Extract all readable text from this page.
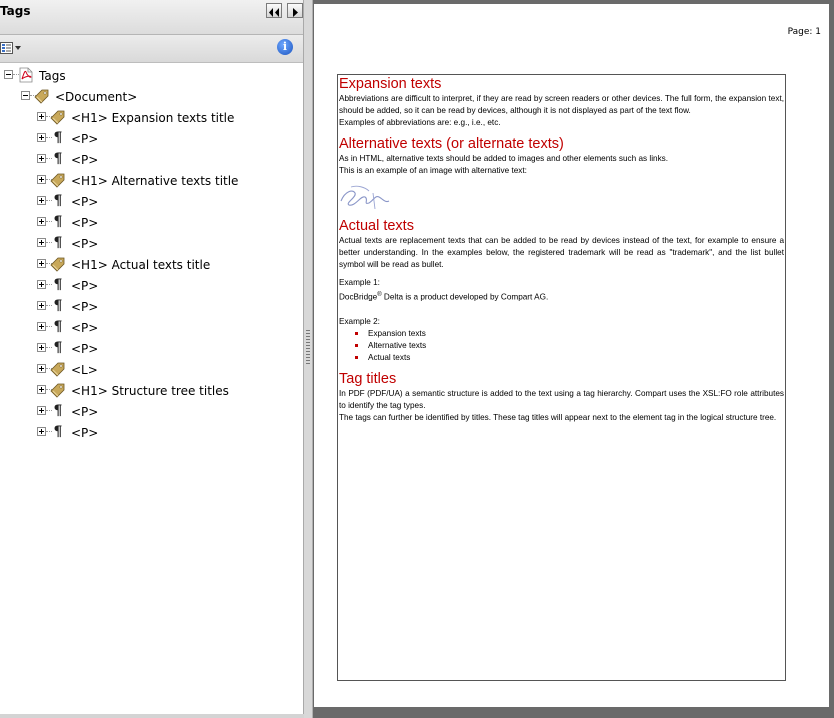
Tags
i
Tags
<Document>
<H1> Expansion texts title
¶ <P>
¶ <P>
<H1> Alternative texts title
¶ <P>
¶ <P>
¶ <P>
<H1> Actual texts title
¶ <P>
¶ <P>
¶ <P>
¶ <P>
<L>
<H1> Structure tree titles
¶ <P>
¶ <P>
Page: 1
Expansion texts

Abbreviations are difficult to interpret, if they are read by screen readers or other devices. The full form, the expansion text, should be added, so it can be read by devices, although it is not displayed as part of the text flow.

Examples of abbreviations are: e.g., i.e., etc.

Alternative texts (or alternate texts)

As in HTML, alternative texts should be added to images and other elements such as links.

This is an example of an image with alternative text:

Actual texts

Actual texts are replacement texts that can be added to be read by devices instead of the text, for example to ensure a better understanding. In the examples below, the registered trademark will be read as "trademark", and the list bullet symbol will be read as bullet.

Example 1:

DocBridge® Delta is a product developed by Compart AG.

Example 2:

Expansion texts
Alternative texts
Actual texts
Tag titles

In PDF (PDF/UA) a semantic structure is added to the text using a tag hierarchy. Compart uses the XSL:FO role attributes to identify the tag types.

The tags can further be identified by titles. These tag titles will appear next to the element tag in the logical structure tree.
